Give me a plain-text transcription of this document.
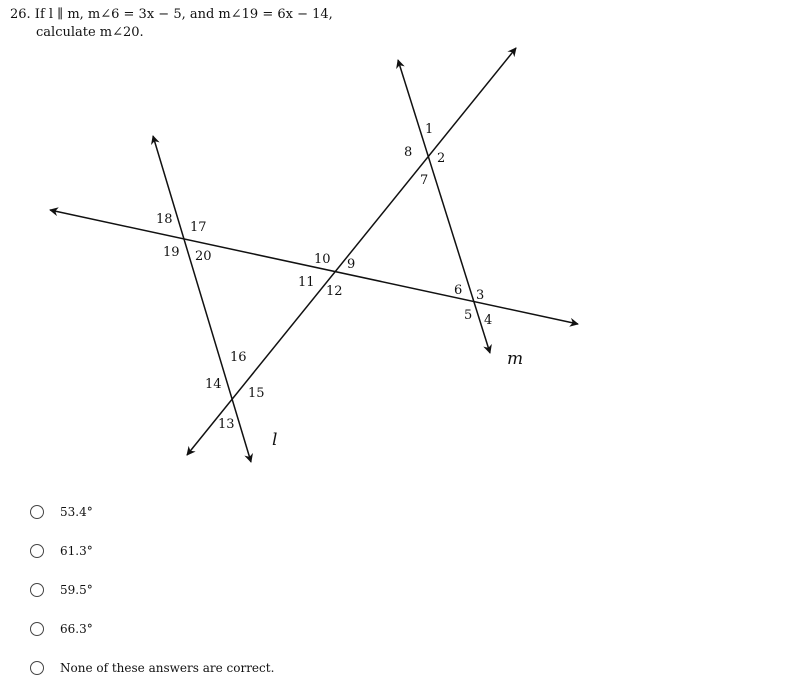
26. If l ∥ m, m∠6 = 3x − 5, and m∠19 = 6x − 14,
calculate m∠20.
1
2
3
4
5
6
7
8
9
10
11
12
13
14
15
16
17
18
19 20
m
l
53.4°
61.3°
59.5°
66.3°
None of these answers are correct.
